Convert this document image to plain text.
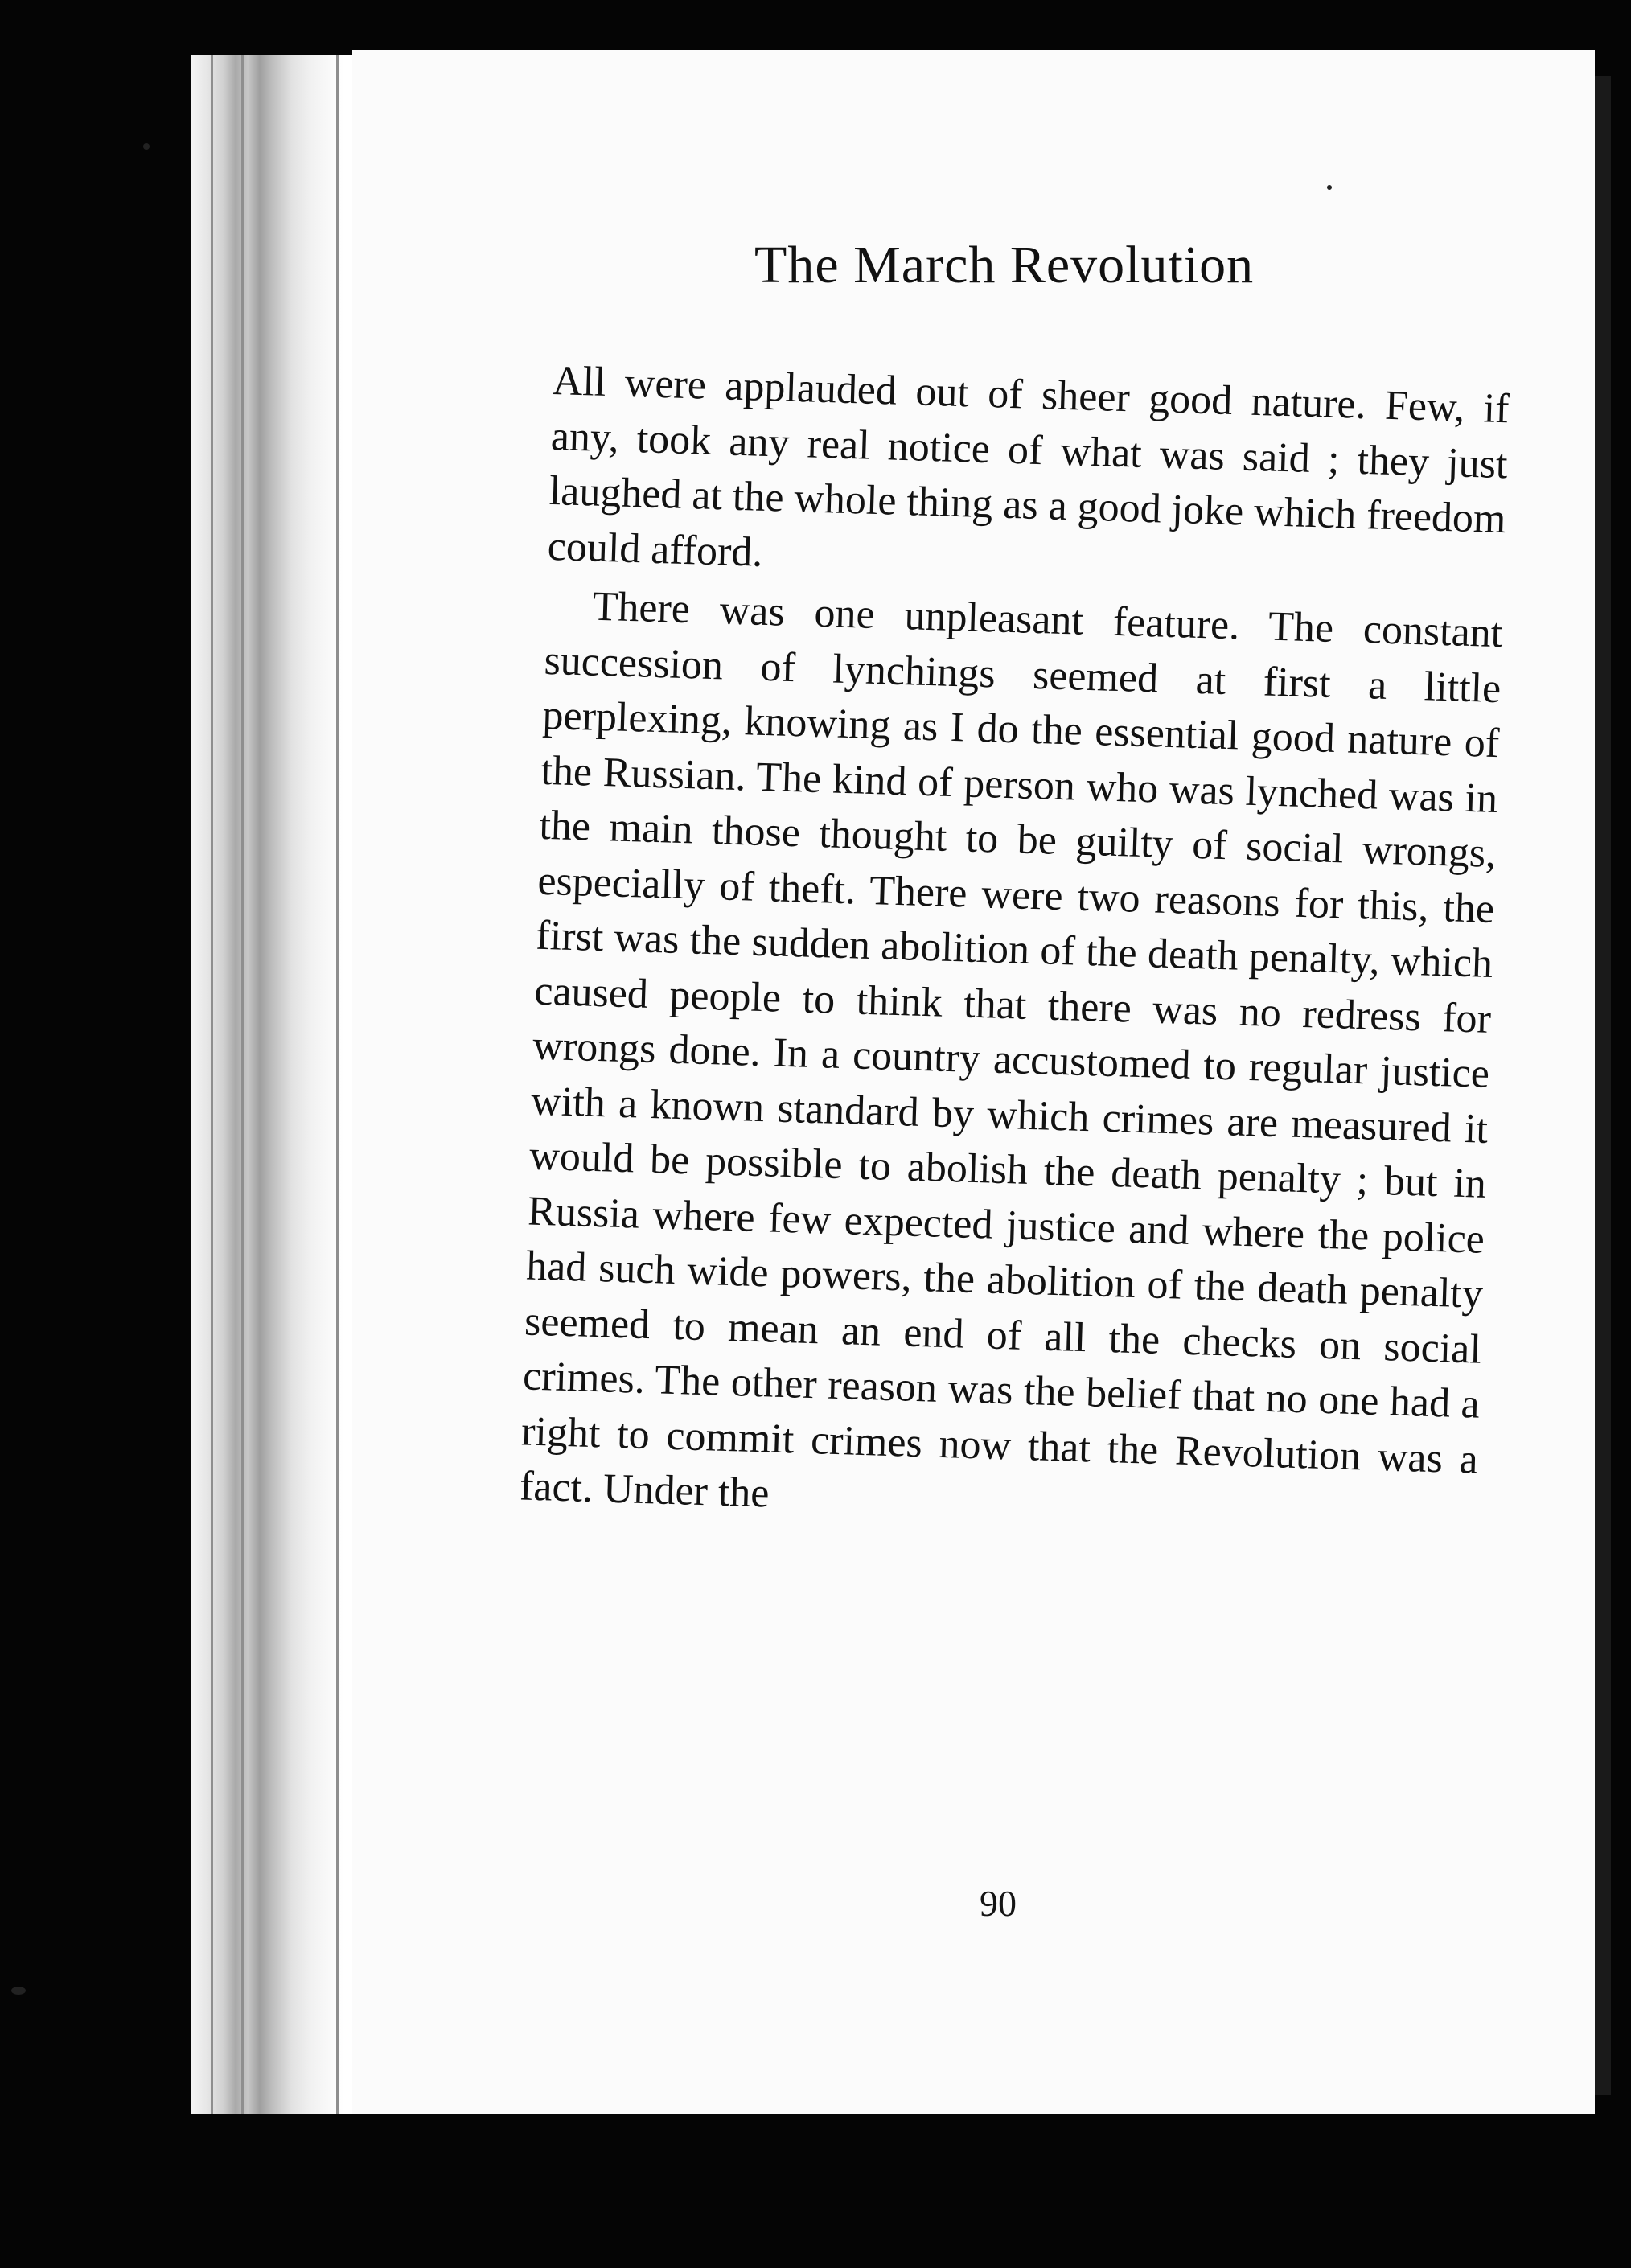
The March Revolution

All were applauded out of sheer good nature. Few, if any, took any real notice of what was said ; they just laughed at the whole thing as a good joke which freedom could afford.

There was one unpleasant feature. The constant succession of lynchings seemed at first a little perplexing, knowing as I do the essential good nature of the Russian. The kind of person who was lynched was in the main those thought to be guilty of social wrongs, especially of theft. There were two reasons for this, the first was the sudden abolition of the death penalty, which caused people to think that there was no redress for wrongs done. In a country accustomed to regular justice with a known standard by which crimes are measured it would be possible to abolish the death penalty ; but in Russia where few expected justice and where the police had such wide powers, the abolition of the death penalty seemed to mean an end of all the checks on social crimes. The other reason was the belief that no one had a right to commit crimes now that the Revolution was a fact. Under the

90
